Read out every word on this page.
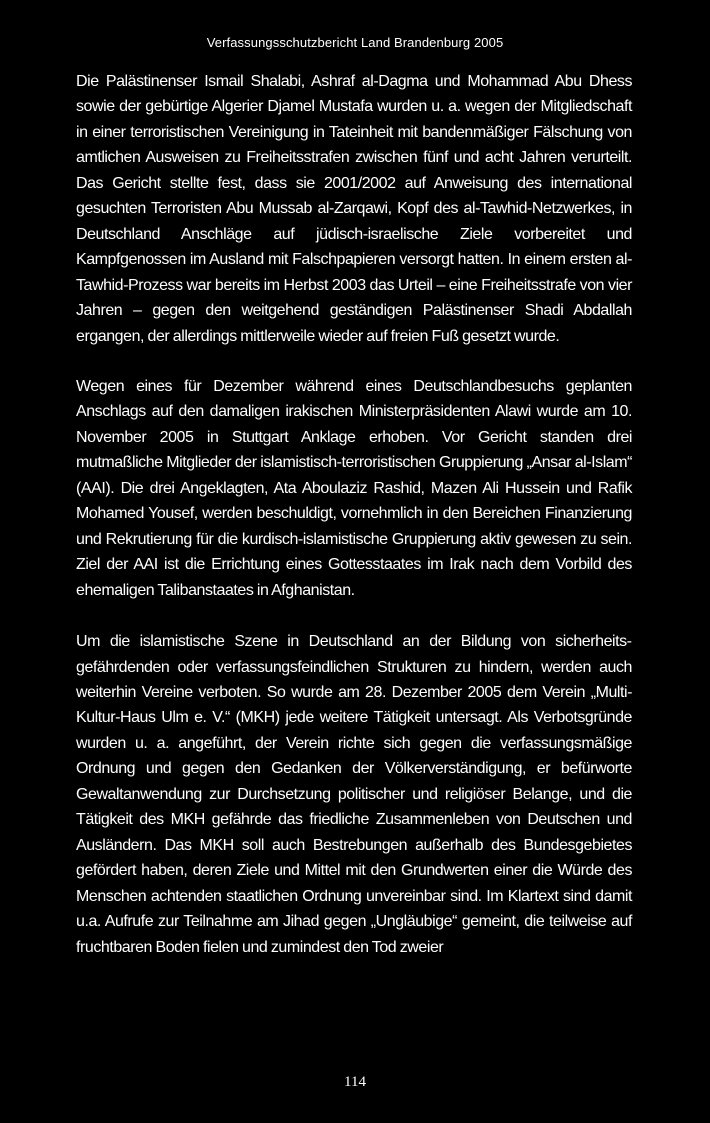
Verfassungsschutzbericht Land Brandenburg 2005

Die Palästinenser Ismail Shalabi, Ashraf al-Dagma und Mohammad Abu Dhess sowie der gebürtige Algerier Djamel Mustafa wurden u. a. wegen der Mitgliedschaft in einer terroristischen Vereinigung in Tateinheit mit bandenmäßiger Fälschung von amtlichen Ausweisen zu Freiheitsstrafen zwischen fünf und acht Jahren verurteilt. Das Gericht stellte fest, dass sie 2001/2002 auf Anweisung des international gesuchten Terroristen Abu Mussab al-Zarqawi, Kopf des al-Tawhid-Netzwerkes, in Deutschland Anschläge auf jüdisch-israelische Ziele vorbereitet und Kampfgenossen im Ausland mit Falschpapieren versorgt hatten. In einem ersten al-Tawhid-Prozess war bereits im Herbst 2003 das Urteil – eine Freiheitsstrafe von vier Jahren – gegen den weitgehend geständigen Palästinenser Shadi Abdallah ergangen, der allerdings mittlerweile wieder auf freien Fuß gesetzt wurde.

Wegen eines für Dezember während eines Deutschlandbesuchs geplanten Anschlags auf den damaligen irakischen Ministerpräsidenten Alawi wurde am 10. November 2005 in Stuttgart Anklage erhoben. Vor Gericht standen drei mutmaßliche Mitglieder der islamistisch-terroristischen Gruppierung „Ansar al-Islam“ (AAI). Die drei Angeklagten, Ata Aboulaziz Rashid, Mazen Ali Hussein und Rafik Mohamed Yousef, werden beschuldigt, vornehmlich in den Bereichen Finanzierung und Rekrutierung für die kurdisch-islamistische Gruppierung aktiv gewesen zu sein. Ziel der AAI ist die Errichtung eines Gottesstaates im Irak nach dem Vorbild des ehemaligen Talibanstaates in Afghanistan.

Um die islamistische Szene in Deutschland an der Bildung von sicherheitsgefährdenden oder verfassungsfeindlichen Strukturen zu hindern, werden auch weiterhin Vereine verboten. So wurde am 28. Dezember 2005 dem Verein „Multi-Kultur-Haus Ulm e. V.“ (MKH) jede weitere Tätigkeit untersagt. Als Verbotsgründe wurden u. a. angeführt, der Verein richte sich gegen die verfassungsmäßige Ordnung und gegen den Gedanken der Völkerverständigung, er befürworte Gewaltanwendung zur Durchsetzung politischer und religiöser Belange, und die Tätigkeit des MKH gefährde das friedliche Zusammenleben von Deutschen und Ausländern. Das MKH soll auch Bestrebungen außerhalb des Bundesgebietes gefördert haben, deren Ziele und Mittel mit den Grundwerten einer die Würde des Menschen achtenden staatlichen Ordnung unvereinbar sind. Im Klartext sind damit u.a. Aufrufe zur Teilnahme am Jihad gegen „Ungläubige“ gemeint, die teilweise auf fruchtbaren Boden fielen und zumindest den Tod zweier

114
